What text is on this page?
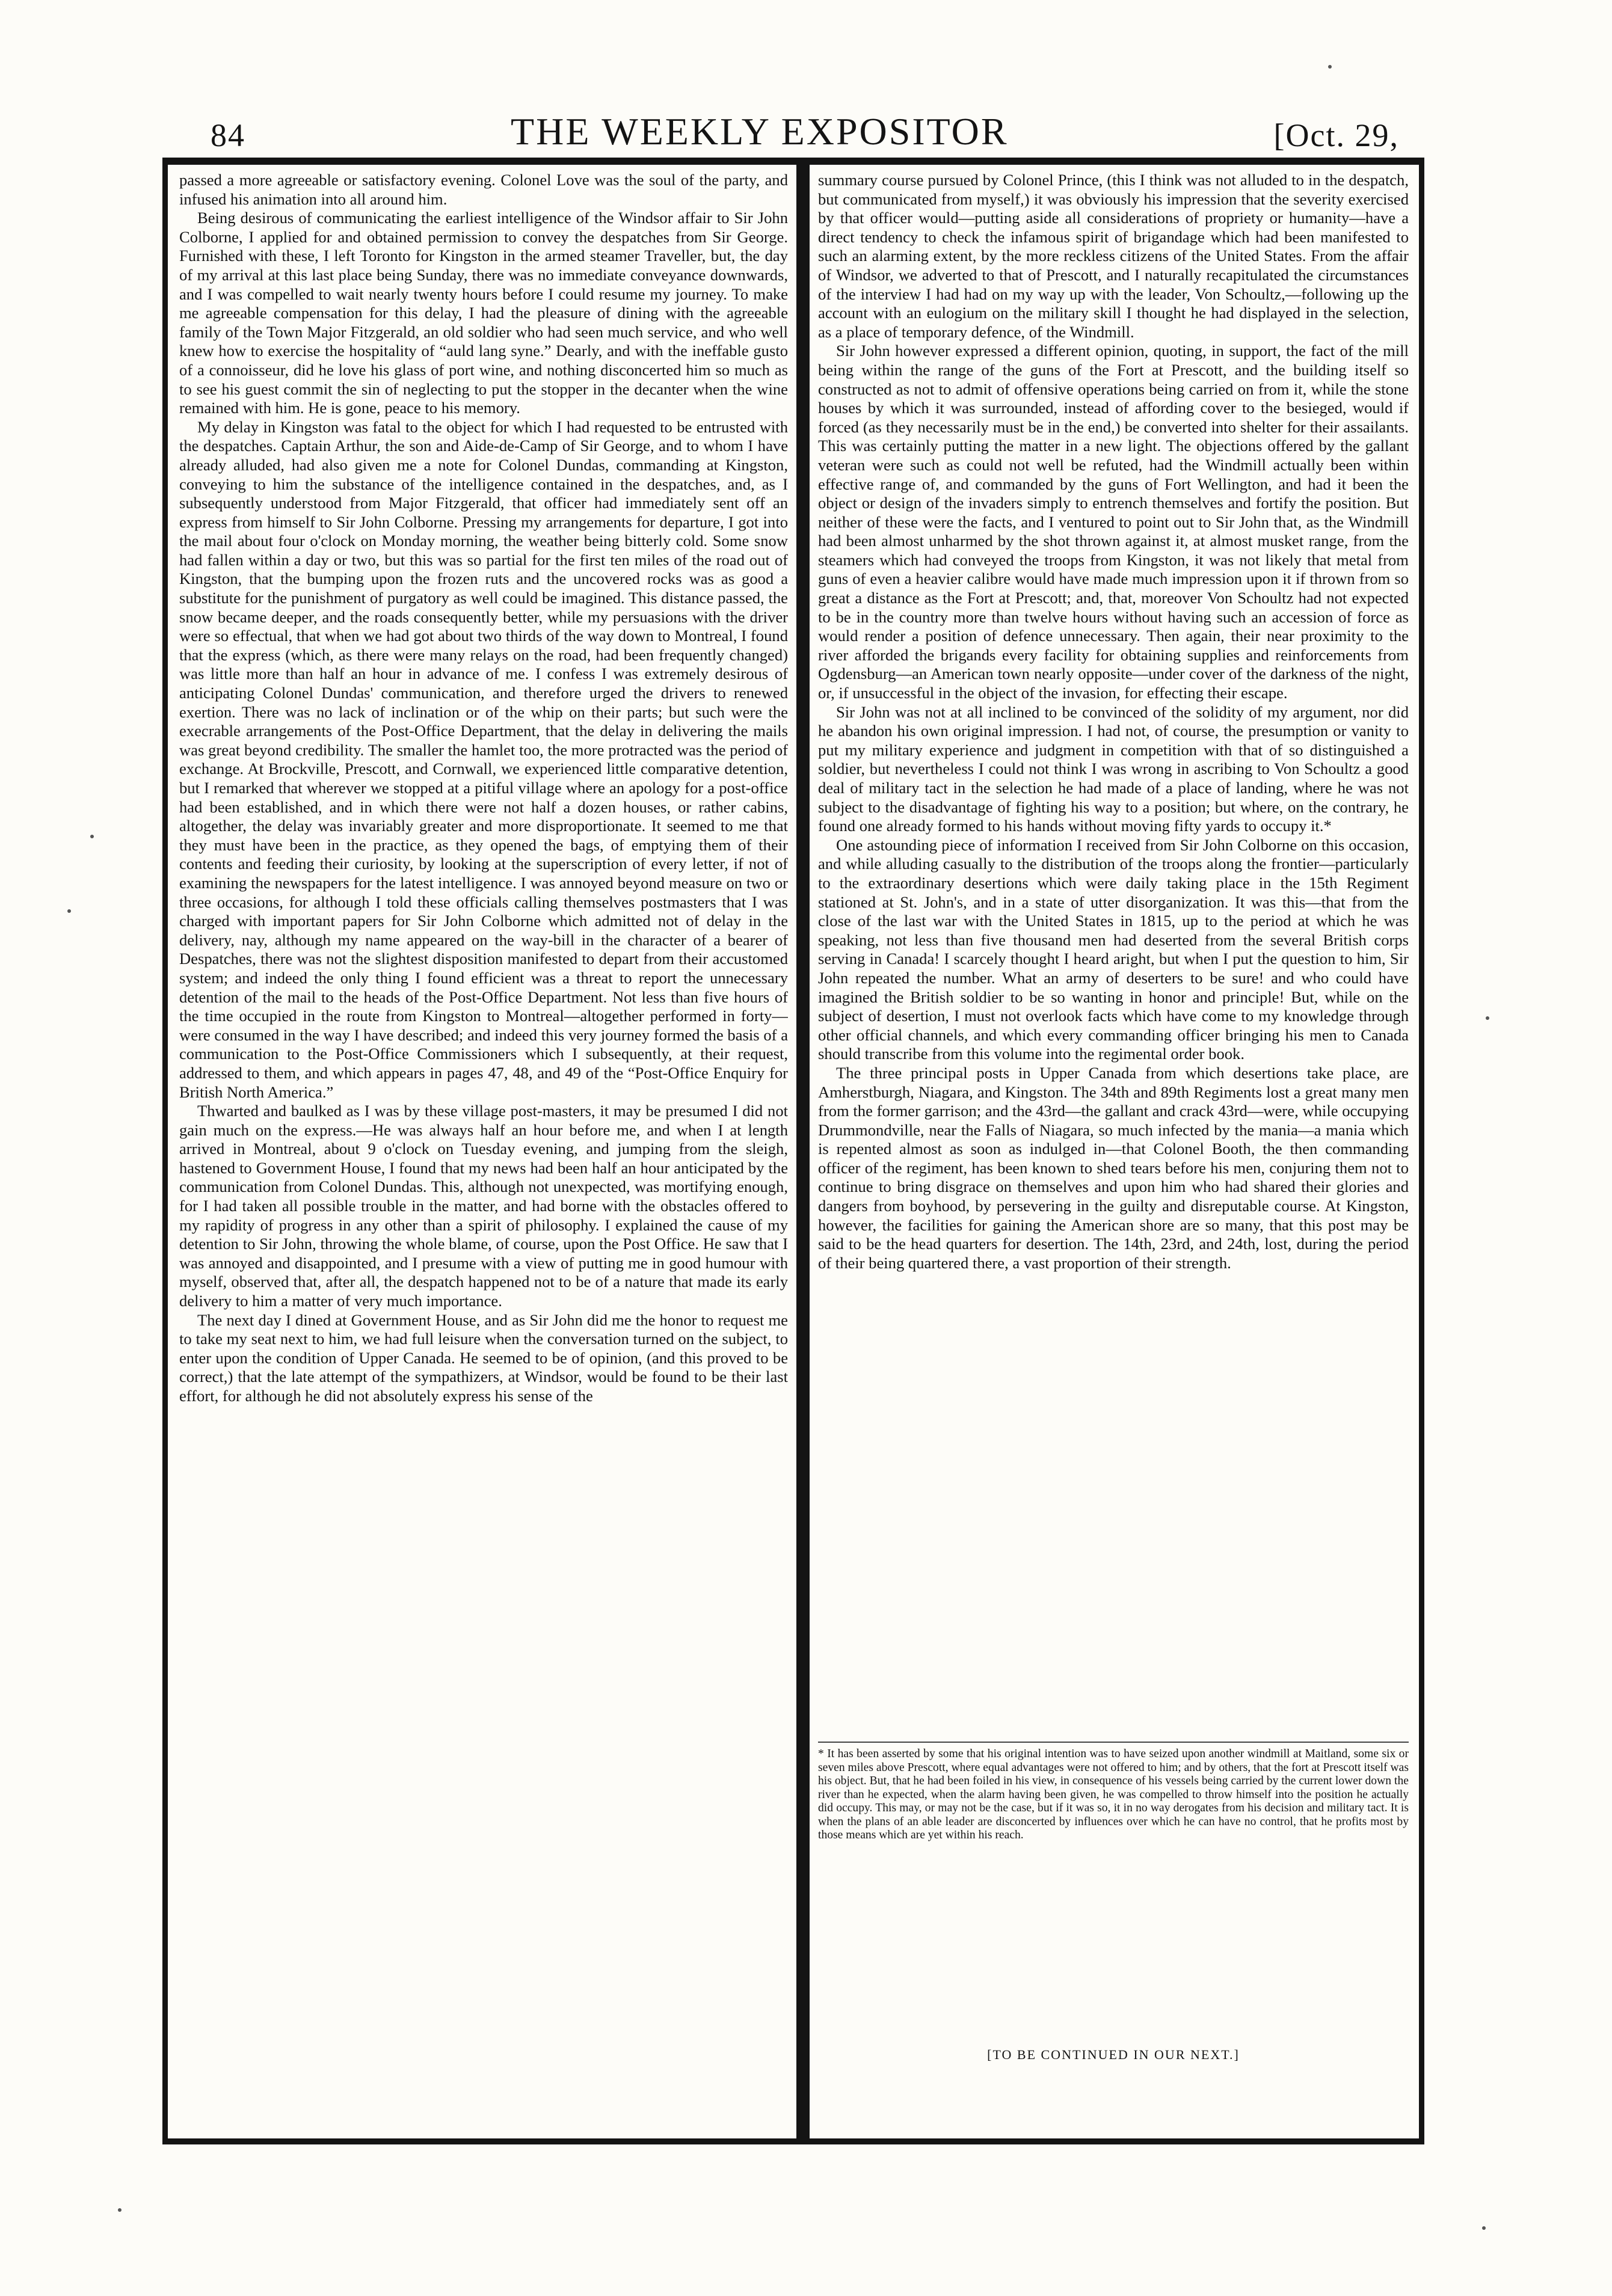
84	THE WEEKLY EXPOSITOR	[Oct. 29,

passed a more agreeable or satisfactory evening. Colonel Love was the soul of the party, and infused his animation into all around him.

Being desirous of communicating the earliest intelligence of the Windsor affair to Sir John Colborne, I applied for and obtained permission to convey the despatches from Sir George. Furnished with these, I left Toronto for Kingston in the armed steamer Traveller, but, the day of my arrival at this last place being Sunday, there was no immediate conveyance downwards, and I was compelled to wait nearly twenty hours before I could resume my journey. To make me agreeable compensation for this delay, I had the pleasure of dining with the agreeable family of the Town Major Fitzgerald, an old soldier who had seen much service, and who well knew how to exercise the hospitality of “auld lang syne.” Dearly, and with the ineffable gusto of a connoisseur, did he love his glass of port wine, and nothing disconcerted him so much as to see his guest commit the sin of neglecting to put the stopper in the decanter when the wine remained with him. He is gone, peace to his memory.

My delay in Kingston was fatal to the object for which I had requested to be entrusted with the despatches. Captain Arthur, the son and Aide-de-Camp of Sir George, and to whom I have already alluded, had also given me a note for Colonel Dundas, commanding at Kingston, conveying to him the substance of the intelligence contained in the despatches, and, as I subsequently understood from Major Fitzgerald, that officer had immediately sent off an express from himself to Sir John Colborne. Pressing my arrangements for departure, I got into the mail about four o'clock on Monday morning, the weather being bitterly cold. Some snow had fallen within a day or two, but this was so partial for the first ten miles of the road out of Kingston, that the bumping upon the frozen ruts and the uncovered rocks was as good a substitute for the punishment of purgatory as well could be imagined. This distance passed, the snow became deeper, and the roads consequently better, while my persuasions with the driver were so effectual, that when we had got about two thirds of the way down to Montreal, I found that the express (which, as there were many relays on the road, had been frequently changed) was little more than half an hour in advance of me. I confess I was extremely desirous of anticipating Colonel Dundas' communication, and therefore urged the drivers to renewed exertion. There was no lack of inclination or of the whip on their parts; but such were the execrable arrangements of the Post-Office Department, that the delay in delivering the mails was great beyond credibility. The smaller the hamlet too, the more protracted was the period of exchange. At Brockville, Prescott, and Cornwall, we experienced little comparative detention, but I remarked that wherever we stopped at a pitiful village where an apology for a post-office had been established, and in which there were not half a dozen houses, or rather cabins, altogether, the delay was invariably greater and more disproportionate. It seemed to me that they must have been in the practice, as they opened the bags, of emptying them of their contents and feeding their curiosity, by looking at the superscription of every letter, if not of examining the newspapers for the latest intelligence. I was annoyed beyond measure on two or three occasions, for although I told these officials calling themselves postmasters that I was charged with important papers for Sir John Colborne which admitted not of delay in the delivery, nay, although my name appeared on the way-bill in the character of a bearer of Despatches, there was not the slightest disposition manifested to depart from their accustomed system; and indeed the only thing I found efficient was a threat to report the unnecessary detention of the mail to the heads of the Post-Office Department. Not less than five hours of the time occupied in the route from Kingston to Montreal—altogether performed in forty—were consumed in the way I have described; and indeed this very journey formed the basis of a communication to the Post-Office Commissioners which I subsequently, at their request, addressed to them, and which appears in pages 47, 48, and 49 of the “Post-Office Enquiry for British North America.”

Thwarted and baulked as I was by these village post-masters, it may be presumed I did not gain much on the express.—He was always half an hour before me, and when I at length arrived in Montreal, about 9 o'clock on Tuesday evening, and jumping from the sleigh, hastened to Government House, I found that my news had been half an hour anticipated by the communication from Colonel Dundas. This, although not unexpected, was mortifying enough, for I had taken all possible trouble in the matter, and had borne with the obstacles offered to my rapidity of progress in any other than a spirit of philosophy. I explained the cause of my detention to Sir John, throwing the whole blame, of course, upon the Post Office. He saw that I was annoyed and disappointed, and I presume with a view of putting me in good humour with myself, observed that, after all, the despatch happened not to be of a nature that made its early delivery to him a matter of very much importance.

The next day I dined at Government House, and as Sir John did me the honor to request me to take my seat next to him, we had full leisure when the conversation turned on the subject, to enter upon the condition of Upper Canada. He seemed to be of opinion, (and this proved to be correct,) that the late attempt of the sympathizers, at Windsor, would be found to be their last effort, for although he did not absolutely express his sense of the

summary course pursued by Colonel Prince, (this I think was not alluded to in the despatch, but communicated from myself,) it was obviously his impression that the severity exercised by that officer would—putting aside all considerations of propriety or humanity—have a direct tendency to check the infamous spirit of brigandage which had been manifested to such an alarming extent, by the more reckless citizens of the United States. From the affair of Windsor, we adverted to that of Prescott, and I naturally recapitulated the circumstances of the interview I had had on my way up with the leader, Von Schoultz,—following up the account with an eulogium on the military skill I thought he had displayed in the selection, as a place of temporary defence, of the Windmill.

Sir John however expressed a different opinion, quoting, in support, the fact of the mill being within the range of the guns of the Fort at Prescott, and the building itself so constructed as not to admit of offensive operations being carried on from it, while the stone houses by which it was surrounded, instead of affording cover to the besieged, would if forced (as they necessarily must be in the end,) be converted into shelter for their assailants. This was certainly putting the matter in a new light. The objections offered by the gallant veteran were such as could not well be refuted, had the Windmill actually been within effective range of, and commanded by the guns of Fort Wellington, and had it been the object or design of the invaders simply to entrench themselves and fortify the position. But neither of these were the facts, and I ventured to point out to Sir John that, as the Windmill had been almost unharmed by the shot thrown against it, at almost musket range, from the steamers which had conveyed the troops from Kingston, it was not likely that metal from guns of even a heavier calibre would have made much impression upon it if thrown from so great a distance as the Fort at Prescott; and, that, moreover Von Schoultz had not expected to be in the country more than twelve hours without having such an accession of force as would render a position of defence unnecessary. Then again, their near proximity to the river afforded the brigands every facility for obtaining supplies and reinforcements from Ogdensburg—an American town nearly opposite—under cover of the darkness of the night, or, if unsuccessful in the object of the invasion, for effecting their escape.

Sir John was not at all inclined to be convinced of the solidity of my argument, nor did he abandon his own original impression. I had not, of course, the presumption or vanity to put my military experience and judgment in competition with that of so distinguished a soldier, but nevertheless I could not think I was wrong in ascribing to Von Schoultz a good deal of military tact in the selection he had made of a place of landing, where he was not subject to the disadvantage of fighting his way to a position; but where, on the contrary, he found one already formed to his hands without moving fifty yards to occupy it.*

One astounding piece of information I received from Sir John Colborne on this occasion, and while alluding casually to the distribution of the troops along the frontier—particularly to the extraordinary desertions which were daily taking place in the 15th Regiment stationed at St. John's, and in a state of utter disorganization. It was this—that from the close of the last war with the United States in 1815, up to the period at which he was speaking, not less than five thousand men had deserted from the several British corps serving in Canada! I scarcely thought I heard aright, but when I put the question to him, Sir John repeated the number. What an army of deserters to be sure! and who could have imagined the British soldier to be so wanting in honor and principle! But, while on the subject of desertion, I must not overlook facts which have come to my knowledge through other official channels, and which every commanding officer bringing his men to Canada should transcribe from this volume into the regimental order book.

The three principal posts in Upper Canada from which desertions take place, are Amherstburgh, Niagara, and Kingston. The 34th and 89th Regiments lost a great many men from the former garrison; and the 43rd—the gallant and crack 43rd—were, while occupying Drummondville, near the Falls of Niagara, so much infected by the mania—a mania which is repented almost as soon as indulged in—that Colonel Booth, the then commanding officer of the regiment, has been known to shed tears before his men, conjuring them not to continue to bring disgrace on themselves and upon him who had shared their glories and dangers from boyhood, by persevering in the guilty and disreputable course. At Kingston, however, the facilities for gaining the American shore are so many, that this post may be said to be the head quarters for desertion. The 14th, 23rd, and 24th, lost, during the period of their being quartered there, a vast proportion of their strength.

* It has been asserted by some that his original intention was to have seized upon another windmill at Maitland, some six or seven miles above Prescott, where equal advantages were not offered to him; and by others, that the fort at Prescott itself was his object. But, that he had been foiled in his view, in consequence of his vessels being carried by the current lower down the river than he expected, when the alarm having been given, he was compelled to throw himself into the position he actually did occupy. This may, or may not be the case, but if it was so, it in no way derogates from his decision and military tact. It is when the plans of an able leader are disconcerted by influences over which he can have no control, that he profits most by those means which are yet within his reach.
[TO BE CONTINUED IN OUR NEXT.]
